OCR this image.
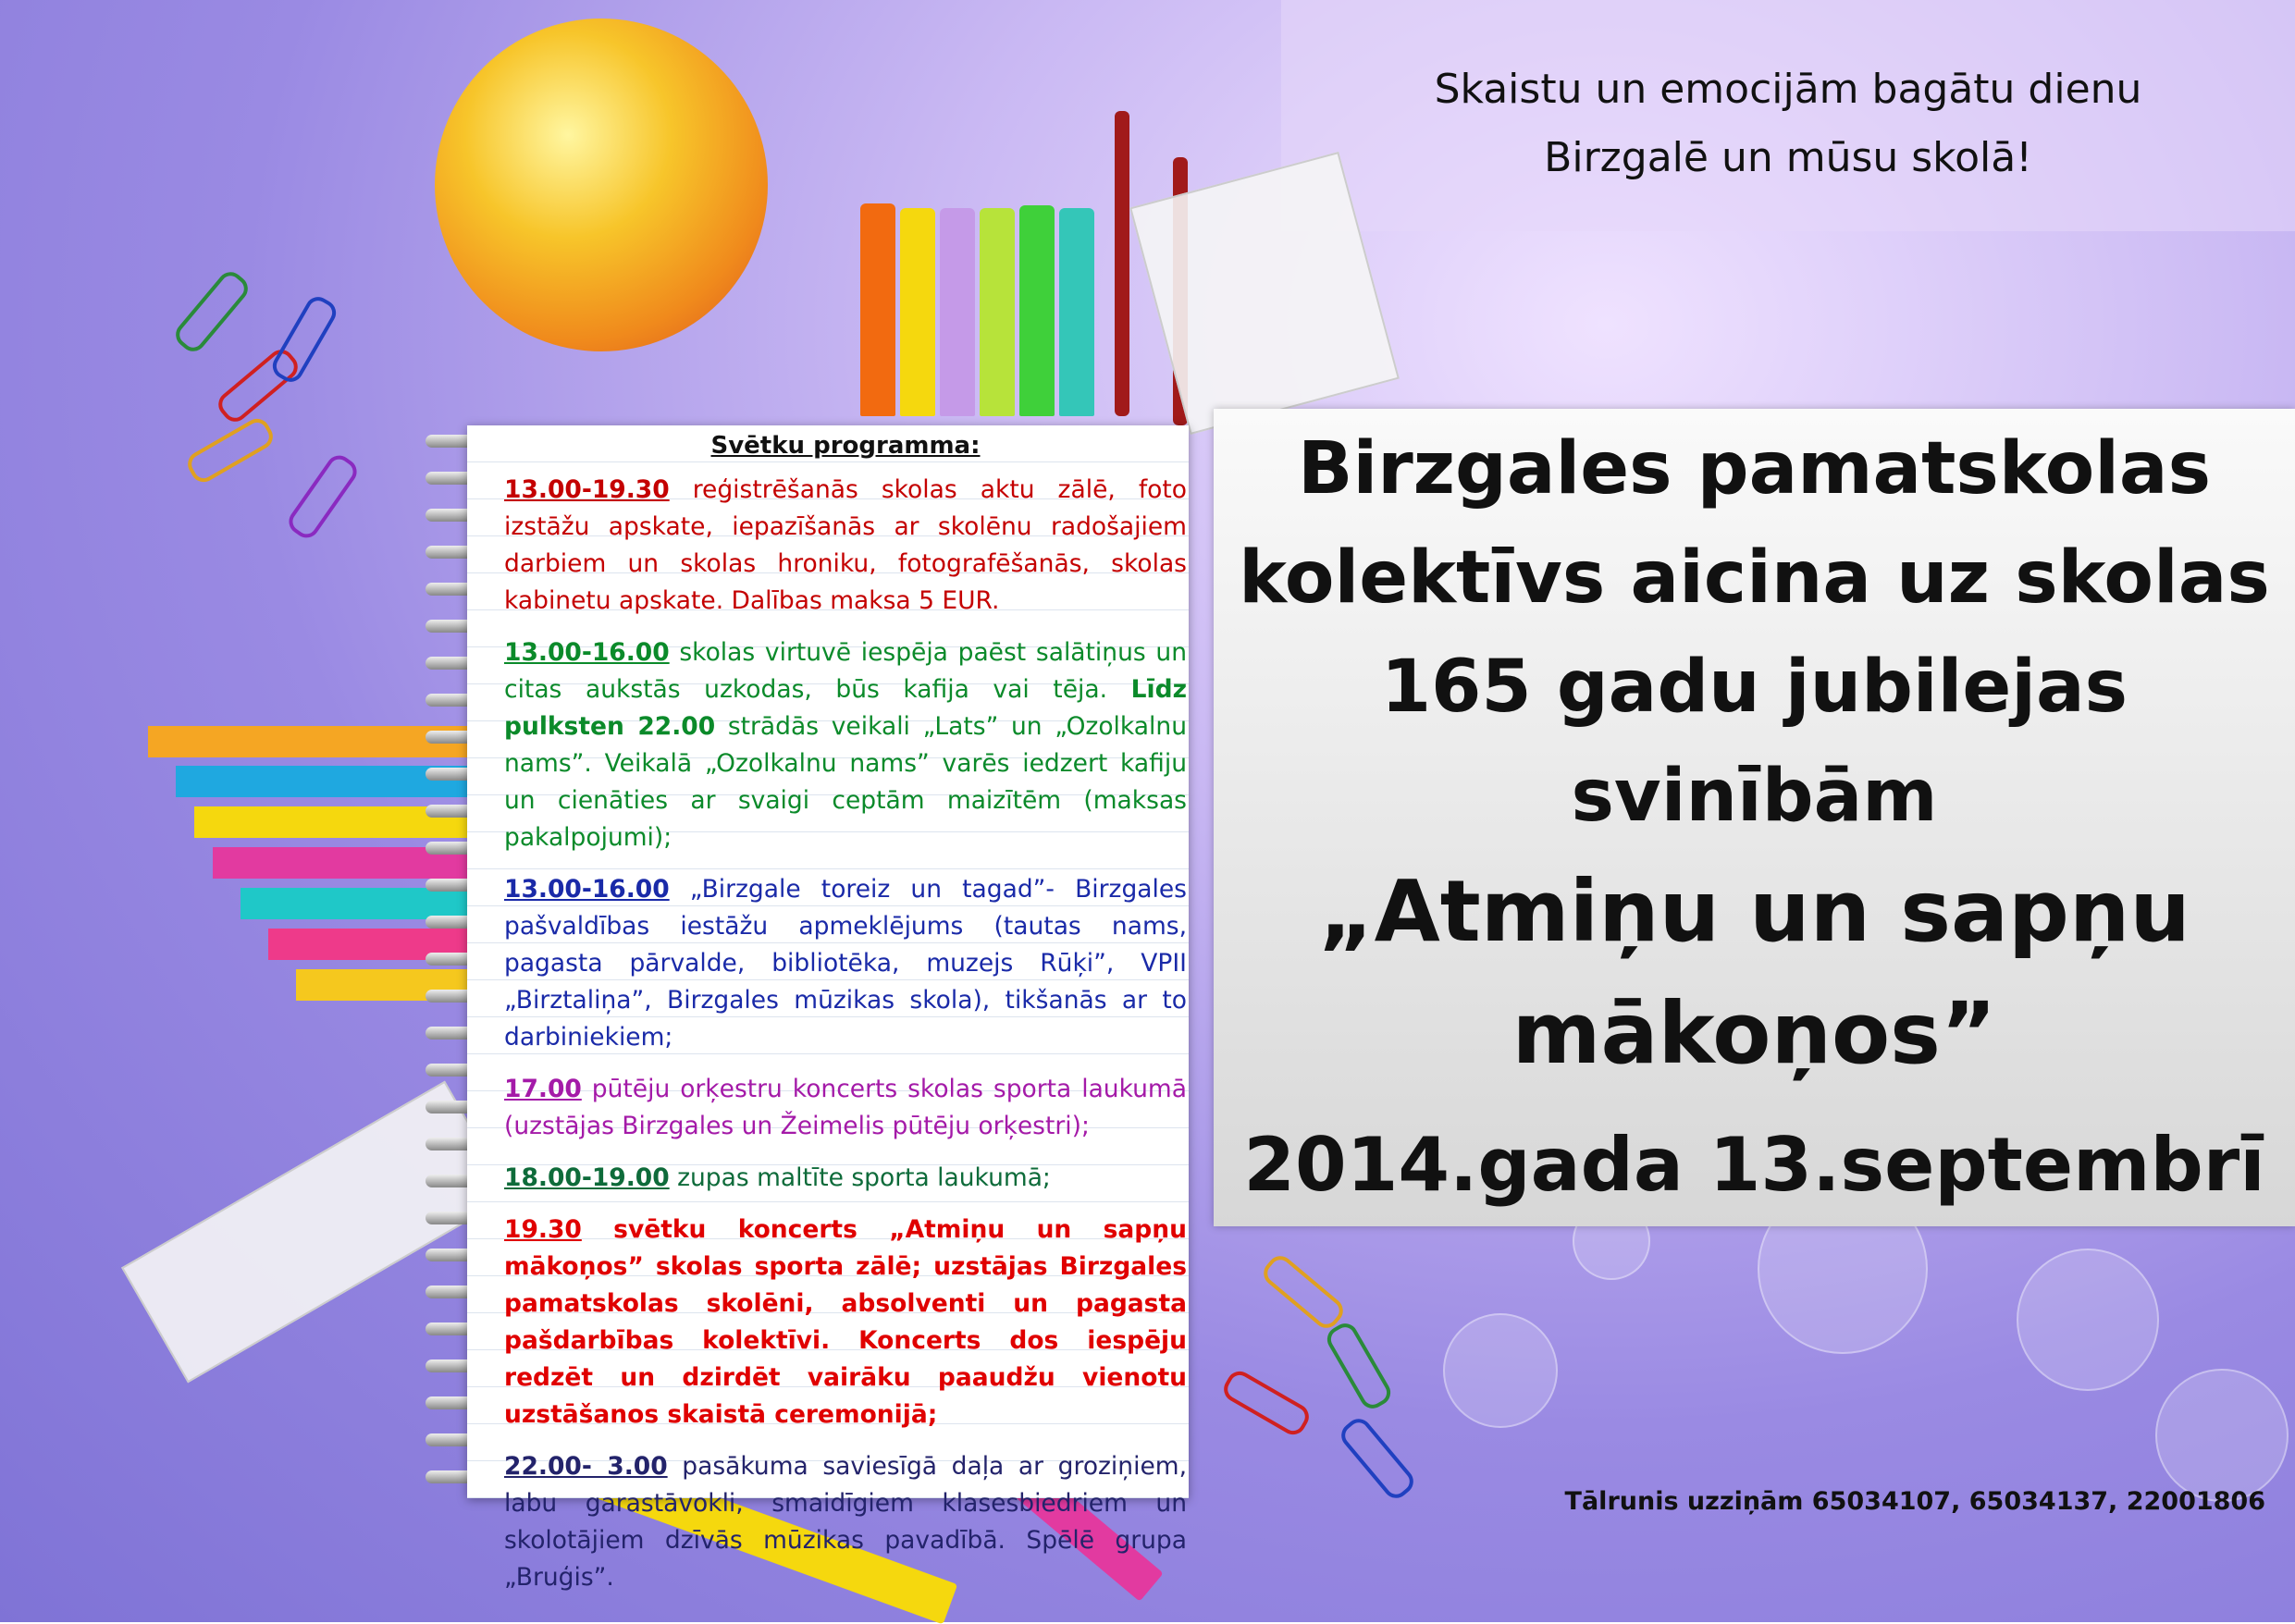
Skaistu un emocijām bagātu dienu
Birzgalē un mūsu skolā!
Svētku programma:

13.00-19.30 reģistrēšanās skolas aktu zālē, foto izstāžu apskate, iepazīšanās ar skolēnu radošajiem darbiem un skolas hroniku, fotografēšanās, skolas kabinetu apskate. Dalības maksa 5 EUR.

13.00-16.00 skolas virtuvē iespēja paēst salātiņus un citas aukstās uzkodas, būs kafija vai tēja. Līdz pulksten 22.00 strādās veikali „Lats” un „Ozolkalnu nams”. Veikalā „Ozolkalnu nams” varēs iedzert kafiju un cienāties ar svaigi ceptām maizītēm (maksas pakalpojumi);

13.00-16.00 „Birzgale toreiz un tagad”- Birzgales pašvaldības iestāžu apmeklējums (tautas nams, pagasta pārvalde, bibliotēka, muzejs Rūķi”, VPII „Birztaliņa”, Birzgales mūzikas skola), tikšanās ar to darbiniekiem;

17.00 pūtēju orķestru koncerts skolas sporta laukumā (uzstājas Birzgales un Žeimelis pūtēju orķestri);

18.00-19.00 zupas maltīte sporta laukumā;

19.30 svētku koncerts „Atmiņu un sapņu mākoņos” skolas sporta zālē; uzstājas Birzgales pamatskolas skolēni, absolventi un pagasta pašdarbības kolektīvi. Koncerts dos iespēju redzēt un dzirdēt vairāku paaudžu vienotu uzstāšanos skaistā ceremonijā;

22.00- 3.00 pasākuma saviesīgā daļa ar groziņiem, labu garastāvokli, smaidīgiem klasesbiedriem un skolotājiem dzīvās mūzikas pavadībā. Spēlē grupa „Bruģis”.

Birzgales pamatskolas
kolektīvs aicina uz skolas
165 gadu jubilejas svinībām
„Atmiņu un sapņu
mākoņos”
2014.gada 13.septembrī
Tālrunis uzziņām 65034107, 65034137, 22001806
